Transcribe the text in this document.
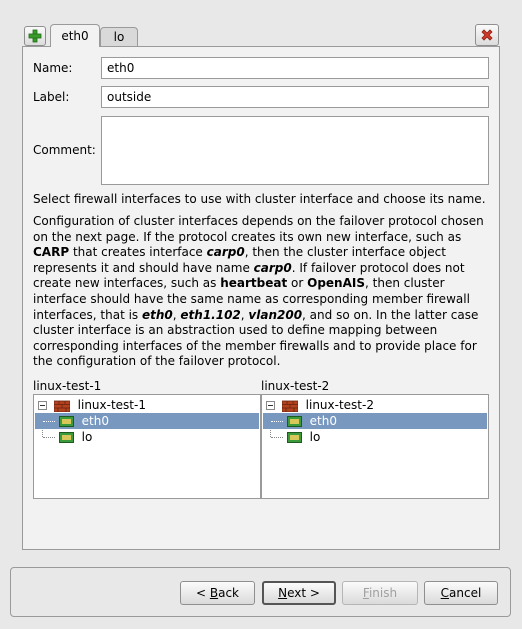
eth0	lo
Name:	eth0
Label:	outside
Comment:
Select firewall interfaces to use with cluster interface and choose its name.
Configuration of cluster interfaces depends on the failover protocol chosen on the next page. If the protocol creates its own new interface, such as CARP that creates interface carp0, then the cluster interface object represents it and should have name carp0. If failover protocol does not create new interfaces, such as heartbeat or OpenAIS, then cluster interface should have the same name as corresponding member firewall interfaces, that is eth0, eth1.102, vlan200, and so on. In the latter case cluster interface is an abstraction used to define mapping between corresponding interfaces of the member firewalls and to provide place for the configuration of the failover protocol.
linux-test-1
linux-test-1
eth0
lo
linux-test-2
linux-test-2
eth0
lo
< Back	Next >	Finish	Cancel
